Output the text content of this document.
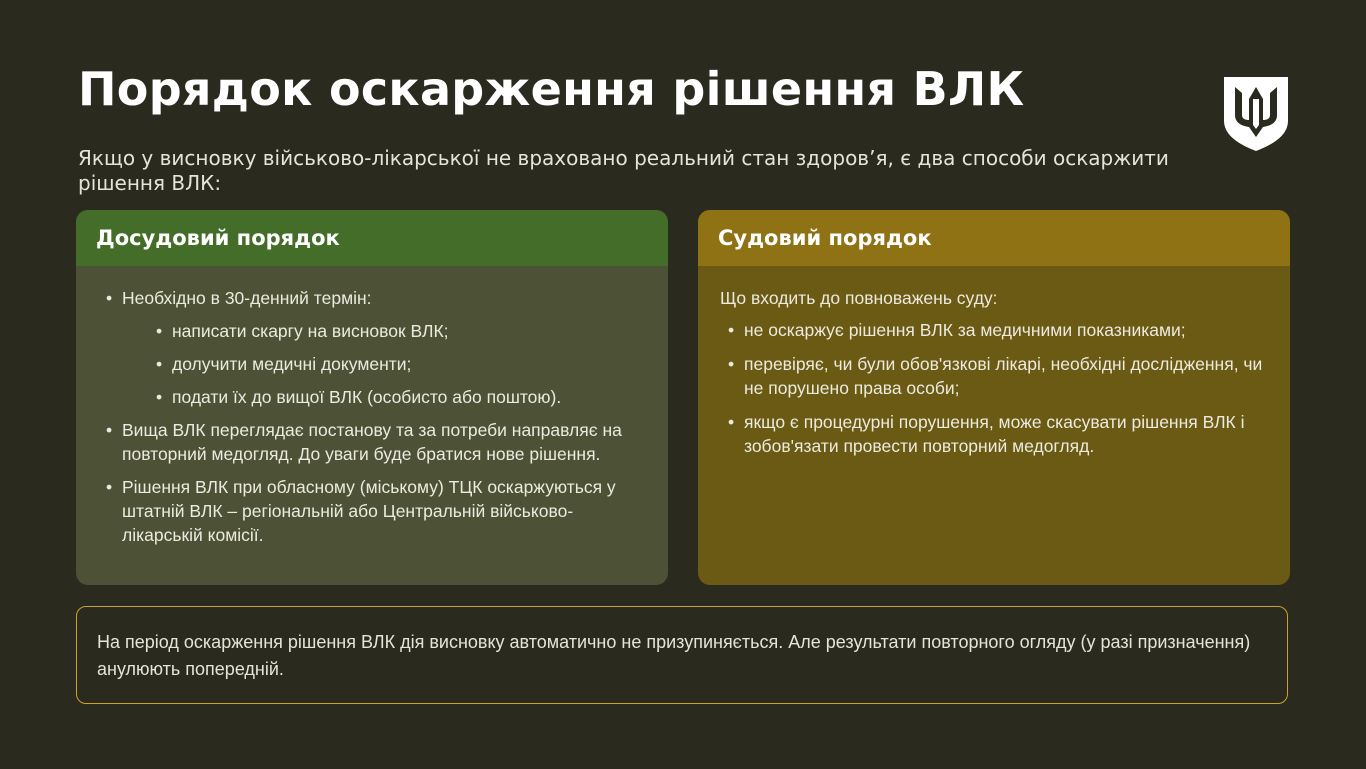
Порядок оскарження рішення ВЛК

Якщо у висновку військово-лікарської не враховано реальний стан здоров’я, є два способи оскаржити рішення ВЛК:

Досудовий порядок
• Необхідно в 30-денний термін:
• написати скаргу на висновок ВЛК;
• долучити медичні документи;
• подати їх до вищої ВЛК (особисто або поштою).
• Вища ВЛК переглядає постанову та за потреби направляє на повторний медогляд. До уваги буде братися нове рішення.
• Рішення ВЛК при обласному (міському) ТЦК оскаржуються у штатній ВЛК – регіональній або Центральній військово-лікарській комісії.
Судовий порядок

Що входить до повноважень суду:

• не оскаржує рішення ВЛК за медичними показниками;
• перевіряє, чи були обов'язкові лікарі, необхідні дослідження, чи не порушено права особи;
• якщо є процедурні порушення, може скасувати рішення ВЛК і зобов'язати провести повторний медогляд.
На період оскарження рішення ВЛК дія висновку автоматично не призупиняється. Але результати повторного огляду (у разі призначення) анулюють попередній.
